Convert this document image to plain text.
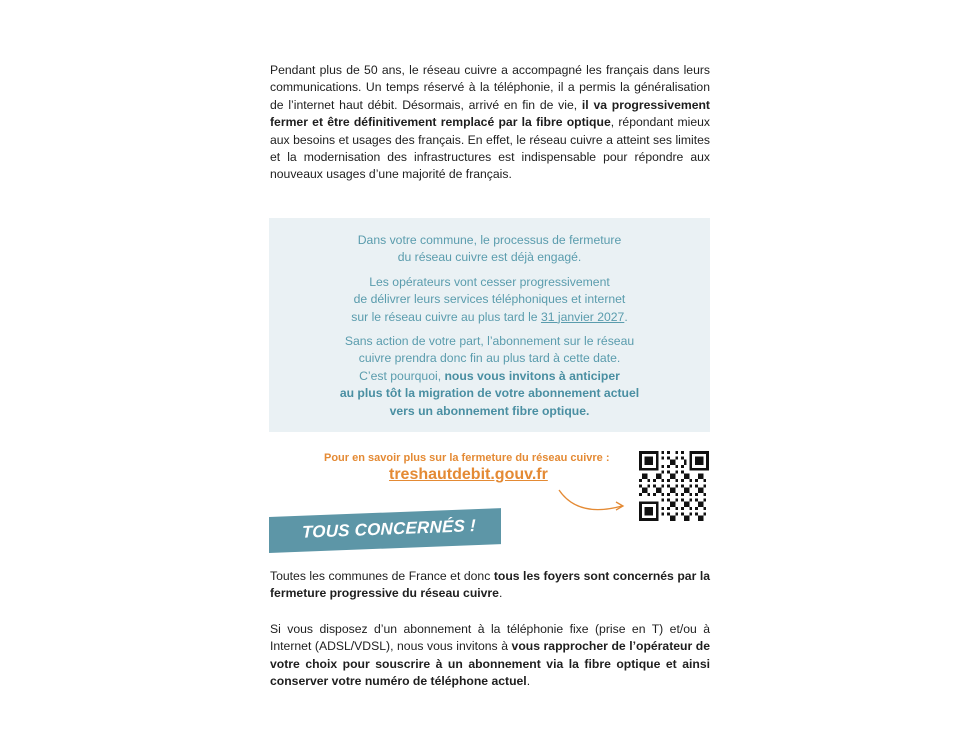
Pendant plus de 50 ans, le réseau cuivre a accompagné les français dans leurs communications. Un temps réservé à la téléphonie, il a permis la généralisation de l’internet haut débit. Désormais, arrivé en fin de vie, il va progressivement fermer et être définitivement remplacé par la fibre optique, répondant mieux aux besoins et usages des français. En effet, le réseau cuivre a atteint ses limites et la modernisation des infrastructures est indispensable pour répondre aux nouveaux usages d’une majorité de français.

Dans votre commune, le processus de fermeture
du réseau cuivre est déjà engagé.

Les opérateurs vont cesser progressivement
de délivrer leurs services téléphoniques et internet
sur le réseau cuivre au plus tard le 31 janvier 2027.

Sans action de votre part, l’abonnement sur le réseau
cuivre prendra donc fin au plus tard à cette date.
C’est pourquoi, nous vous invitons à anticiper
au plus tôt la migration de votre abonnement actuel
vers un abonnement fibre optique.

Pour en savoir plus sur la fermeture du réseau cuivre :
treshautdebit.gouv.fr
TOUS CONCERNÉS !
Toutes les communes de France et donc tous les foyers sont concernés par la fermeture progressive du réseau cuivre.
Si vous disposez d’un abonnement à la téléphonie fixe (prise en T) et/ou à Internet (ADSL/VDSL), nous vous invitons à vous rapprocher de l’opérateur de votre choix pour souscrire à un abonnement via la fibre optique et ainsi conserver votre numéro de téléphone actuel.
